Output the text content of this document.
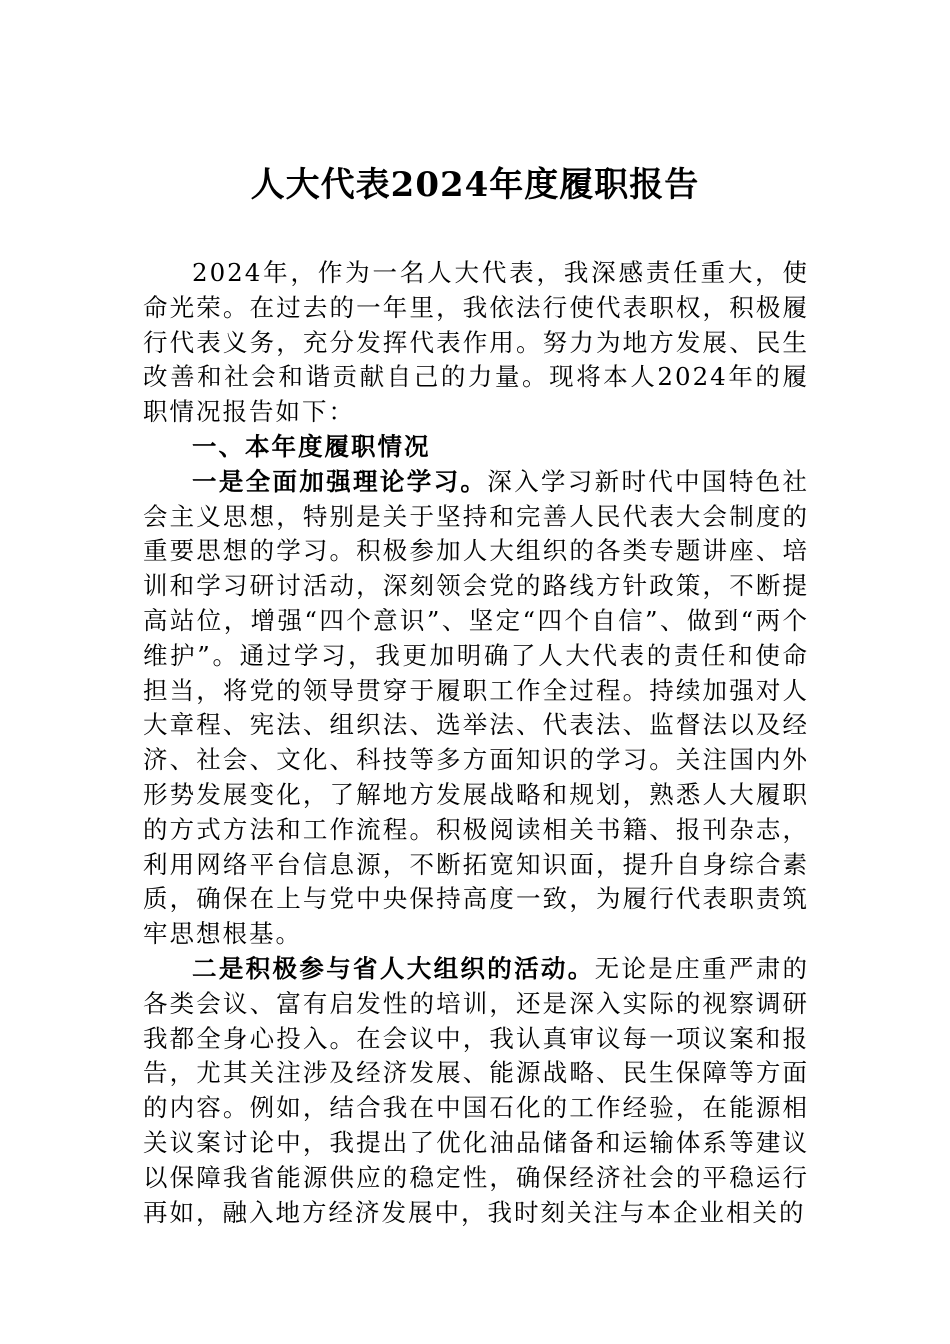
人大代表2024年度履职报告

2024年，作为一名人大代表，我深感责任重大，使命光荣。在过去的一年里，我依法行使代表职权，积极履行代表义务，充分发挥代表作用。努力为地方发展、民生改善和社会和谐贡献自己的力量。现将本人2024年的履职情况报告如下：

一、本年度履职情况

一是全面加强理论学习。深入学习新时代中国特色社会主义思想，特别是关于坚持和完善人民代表大会制度的重要思想的学习。积极参加人大组织的各类专题讲座、培训和学习研讨活动，深刻领会党的路线方针政策，不断提高站位，增强“四个意识”、坚定“四个自信”、做到“两个维护”。通过学习，我更加明确了人大代表的责任和使命担当，将党的领导贯穿于履职工作全过程。持续加强对人大章程、宪法、组织法、选举法、代表法、监督法以及经济、社会、文化、科技等多方面知识的学习。关注国内外形势发展变化，了解地方发展战略和规划，熟悉人大履职的方式方法和工作流程。积极阅读相关书籍、报刊杂志，利用网络平台信息源，不断拓宽知识面，提升自身综合素质，确保在上与党中央保持高度一致，为履行代表职责筑牢思想根基。

二是积极参与省人大组织的活动。无论是庄重严肃的各类会议、富有启发性的培训，还是深入实际的视察调研我都全身心投入。在会议中，我认真审议每一项议案和报告，尤其关注涉及经济发展、能源战略、民生保障等方面的内容。例如，结合我在中国石化的工作经验，在能源相关议案讨论中，我提出了优化油品储备和运输体系等建议以保障我省能源供应的稳定性，确保经济社会的平稳运行再如，融入地方经济发展中，我时刻关注与本企业相关的
